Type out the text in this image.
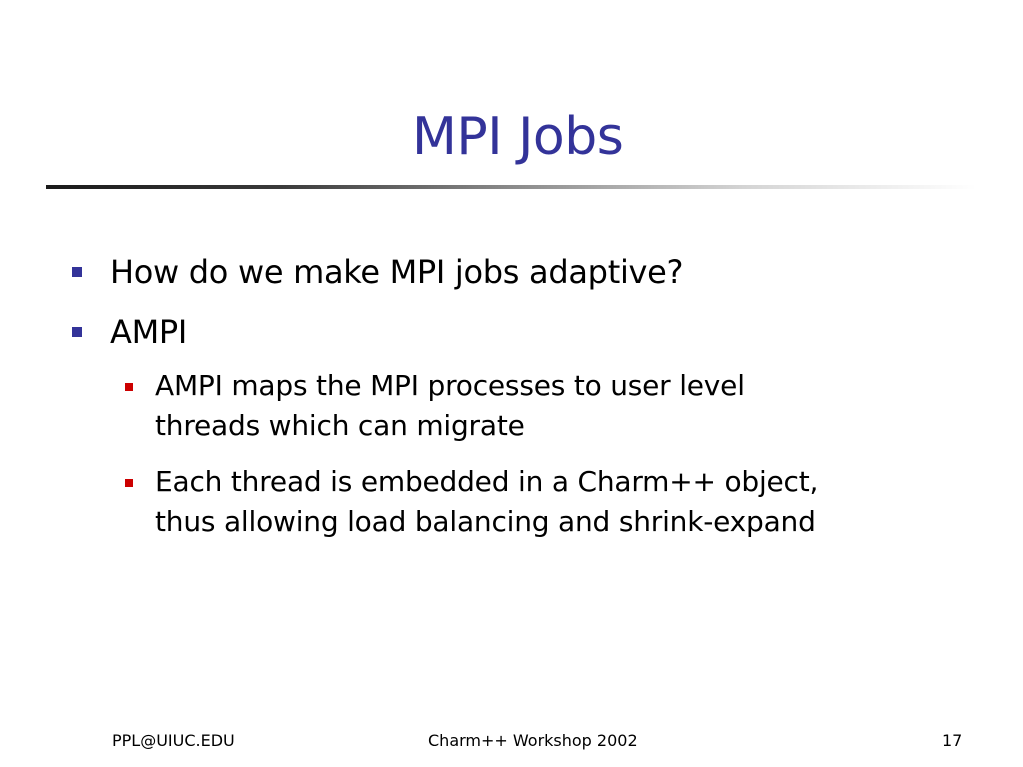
MPI Jobs
How do we make MPI jobs adaptive?
AMPI
AMPI maps the MPI processes to user level
threads which can migrate
Each thread is embedded in a Charm++ object,
thus allowing load balancing and shrink-expand
PPL@UIUC.EDU	Charm++ Workshop 2002	17
